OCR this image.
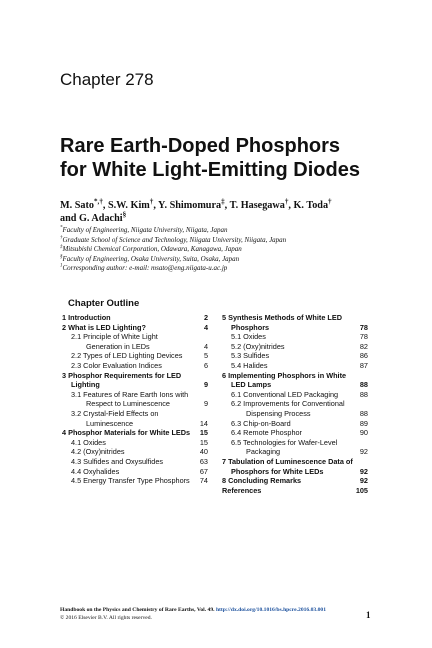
Chapter 278
Rare Earth-Doped Phosphors
for White Light-Emitting Diodes
M. Sato*,†, S.W. Kim†, Y. Shimomura‡, T. Hasegawa†, K. Toda†
and G. Adachi§
*Faculty of Engineering, Niigata University, Niigata, Japan
†Graduate School of Science and Technology, Niigata University, Niigata, Japan
‡Mitsubishi Chemical Corporation, Odawara, Kanagawa, Japan
§Faculty of Engineering, Osaka University, Suita, Osaka, Japan
$^1$Corresponding author: e-mail: msato@eng.niigata-u.ac.jp
Chapter Outline
1 Introduction	2
2 What is LED Lighting?	4
2.1 Principle of White Light Generation in LEDs	4
2.2 Types of LED Lighting Devices	5
2.3 Color Evaluation Indices	6
3 Phosphor Requirements for LED Lighting	9
3.1 Features of Rare Earth Ions with Respect to Luminescence	9
3.2 Crystal-Field Effects on Luminescence	14
4 Phosphor Materials for White LEDs	15
4.1 Oxides	15
4.2 (Oxy)nitrides	40
4.3 Sulfides and Oxysulfides	63
4.4 Oxyhalides	67
4.5 Energy Transfer Type Phosphors	74
5 Synthesis Methods of White LED Phosphors	78
5.1 Oxides	78
5.2 (Oxy)nitrides	82
5.3 Sulfides	86
5.4 Halides	87
6 Implementing Phosphors in White LED Lamps	88
6.1 Conventional LED Packaging	88
6.2 Improvements for Conventional Dispensing Process	88
6.3 Chip-on-Board	89
6.4 Remote Phosphor	90
6.5 Technologies for Wafer-Level Packaging	92
7 Tabulation of Luminescence Data of Phosphors for White LEDs	92
8 Concluding Remarks	92
References	105
Handbook on the Physics and Chemistry of Rare Earths, Vol. 49. http://dx.doi.org/10.1016/bs.hpcre.2016.03.001
© 2016 Elsevier B.V. All rights reserved.	1
